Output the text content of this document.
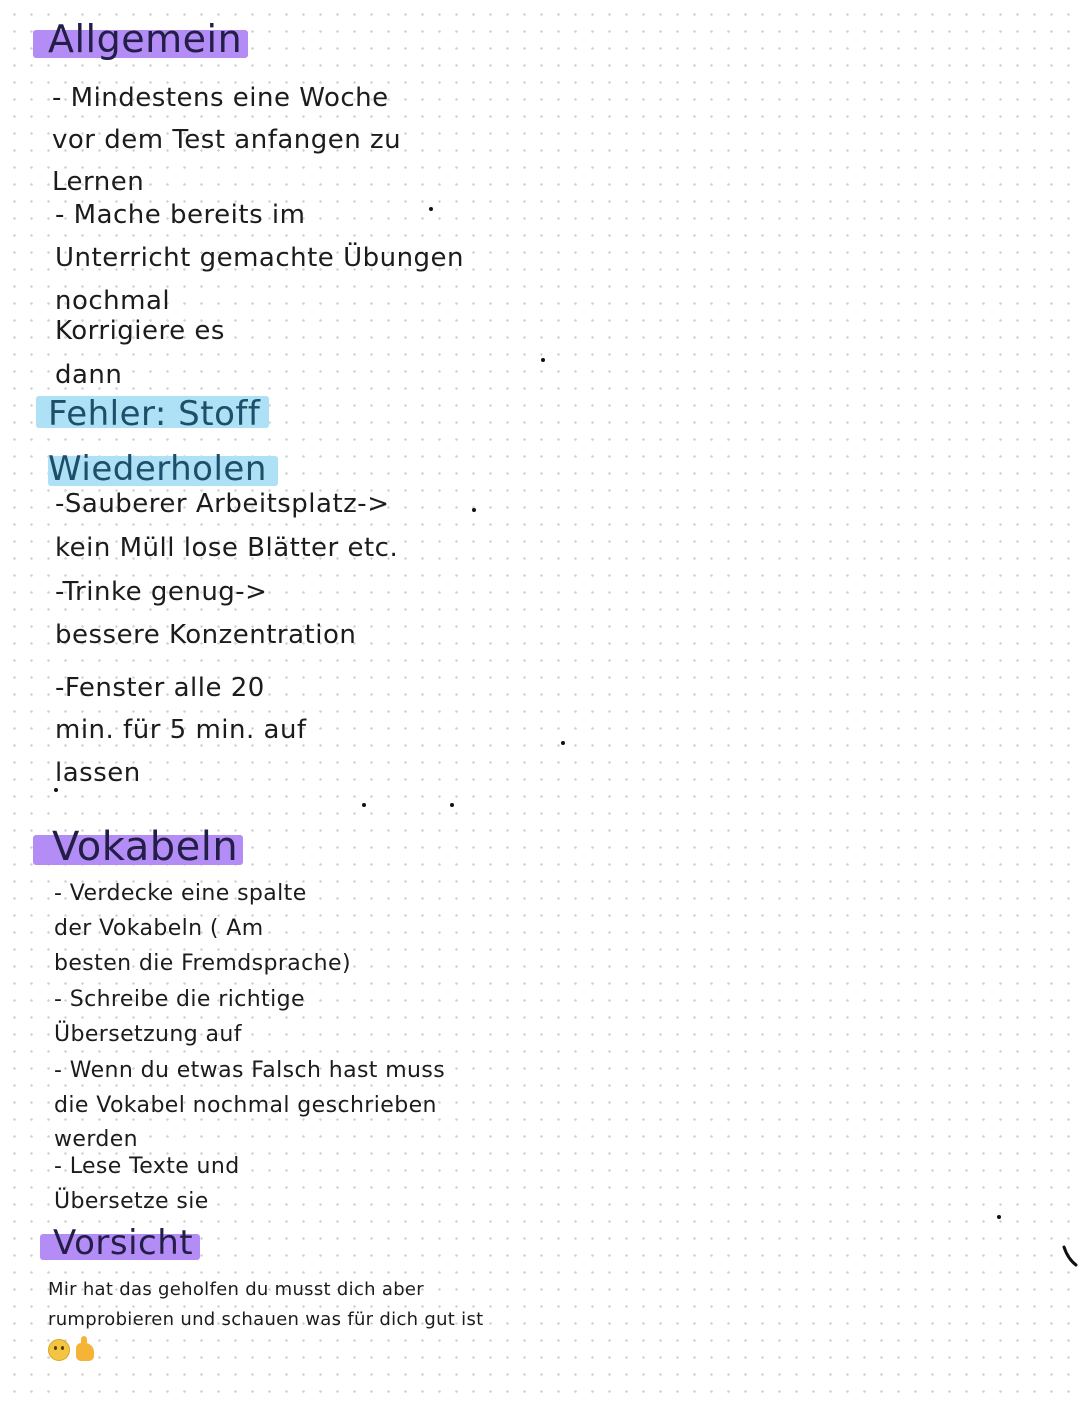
Allgemein
- Mindestens eine Woche
vor dem Test anfangen zu
Lernen
- Mache bereits im
Unterricht gemachte Übungen
nochmal
Korrigiere es
dann
Fehler: Stoff
Wiederholen
-Sauberer Arbeitsplatz->
kein Müll lose Blätter etc.
-Trinke genug->
bessere Konzentration
-Fenster alle 20
min. für 5 min. auf
lassen
Vokabeln
- Verdecke eine spalte
der Vokabeln ( Am
besten die Fremdsprache)
- Schreibe die richtige
Übersetzung auf
- Wenn du etwas Falsch hast muss
die Vokabel nochmal geschrieben
werden
- Lese Texte und
Übersetze sie
Vorsicht
Mir hat das geholfen du musst dich aber
rumprobieren und schauen was für dich gut ist
